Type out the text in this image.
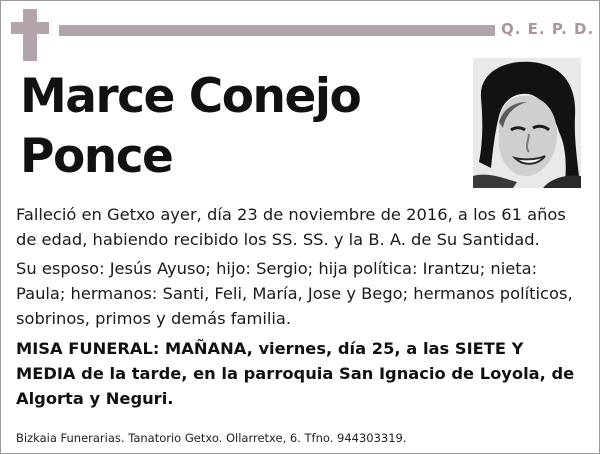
Q. E. P. D.
Marce Conejo
Ponce
Falleció en Getxo ayer, día 23 de noviembre de 2016, a los 61 años de edad, habiendo recibido los SS. SS. y la B. A. de Su Santidad.
Su esposo: Jesús Ayuso; hijo: Sergio; hija política: Irantzu; nieta: Paula; hermanos: Santi, Feli, María, Jose y Bego; hermanos políticos, sobrinos, primos y demás familia.
MISA FUNERAL: MAÑANA, viernes, día 25, a las SIETE Y MEDIA de la tarde, en la parroquia San Ignacio de Loyola, de Algorta y Neguri.
Bizkaia Funerarias. Tanatorio Getxo. Ollarretxe, 6. Tfno. 944303319.
